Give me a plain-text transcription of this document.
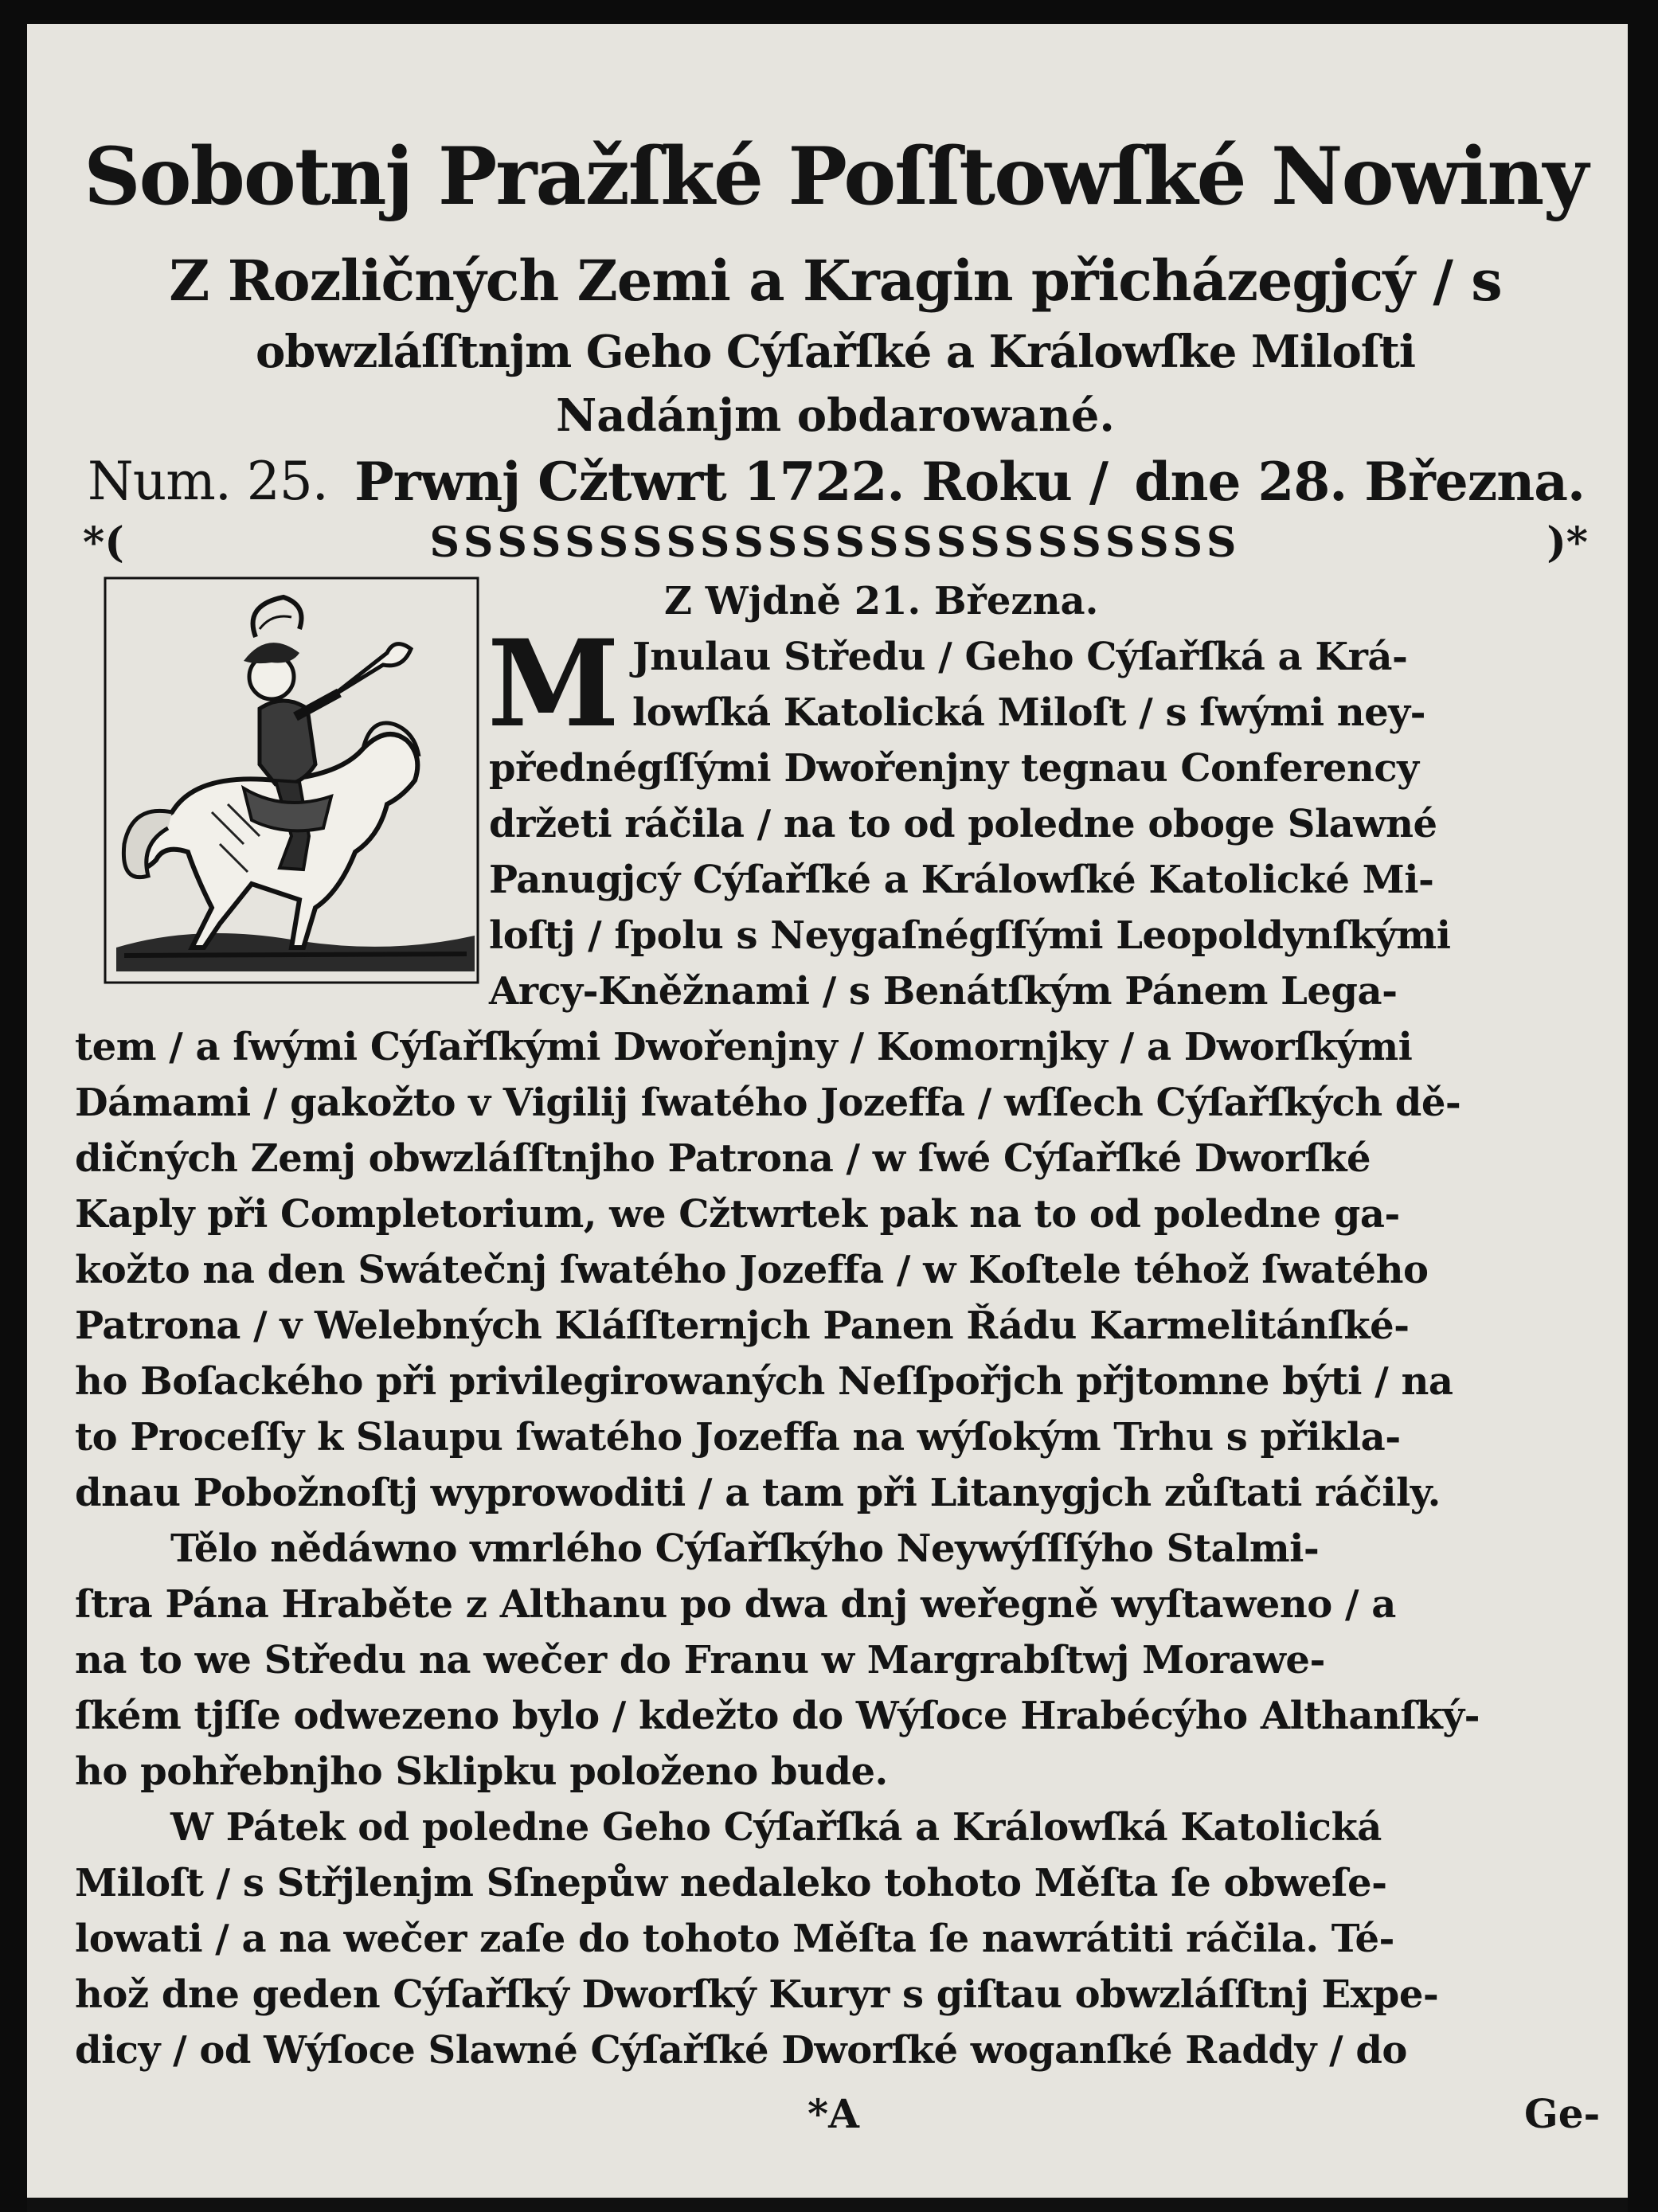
Sobotnj Pražſké Poſſtowſké Nowiny
Z Rozličných Zemi a Kragin přicházegjcý / s
obwzláſſtnjm Geho Cýſařſké a Králowſke Miloſti
Nadánjm obdarowané.
Num. 25. Prwnj Cžtwrt 1722. Roku / dne 28. Března.
*(	SSSSSSSSSSSSSSSSSSSSSSSS	)*
Z Wjdně 21. Března.
M Jnulau Středu / Geho Cýſařſká a Krá-
lowſká Katolická Miloſt / s ſwými ney-
přednégſſými Dwořenjny tegnau Conferency
držeti ráčila / na to od poledne oboge Slawné
Panugjcý Cýſařſké a Králowſké Katolické Mi-
loſtj / ſpolu s Neygaſnégſſými Leopoldynſkými
Arcy-Kněžnami / s Benátſkým Pánem Lega-
tem / a ſwými Cýſařſkými Dwořenjny / Komornjky / a Dworſkými
Dámami / gakožto v Vigilij ſwatého Jozeffa / wſſech Cýſařſkých dě-
dičných Zemj obwzláſſtnjho Patrona / w ſwé Cýſařſké Dworſké
Kaply při Completorium, we Cžtwrtek pak na to od poledne ga-
kožto na den Swátečnj ſwatého Jozeffa / w Koſtele téhož ſwatého
Patrona / v Welebných Kláſſternjch Panen Řádu Karmelitánſké-
ho Boſackého při privilegirowaných Neſſpořjch přjtomne býti / na
to Proceſſy k Slaupu ſwatého Jozeffa na wýſokým Trhu s přikla-
dnau Pobožnoſtj wyprowoditi / a tam při Litanygjch zůſtati ráčily.
Tělo nědáwno vmrlého Cýſařſkýho Neywýſſſýho Stalmi-
ſtra Pána Hraběte z Althanu po dwa dnj weřegně wyſtaweno / a
na to we Středu na wečer do Franu w Margrabſtwj Morawe-
ſkém tjſſe odwezeno bylo / kdežto do Wýſoce Hrabécýho Althanſký-
ho pohřebnjho Sklipku položeno bude.
W Pátek od poledne Geho Cýſařſká a Králowſká Katolická
Miloſt / s Střjlenjm Sſnepůw nedaleko tohoto Měſta ſe obweſe-
lowati / a na wečer zaſe do tohoto Měſta ſe nawrátiti ráčila. Té-
hož dne geden Cýſařſký Dworſký Kuryr s giſtau obwzláſſtnj Expe-
dicy / od Wýſoce Slawné Cýſařſké Dworſké woganſké Raddy / do
*A	Ge-
